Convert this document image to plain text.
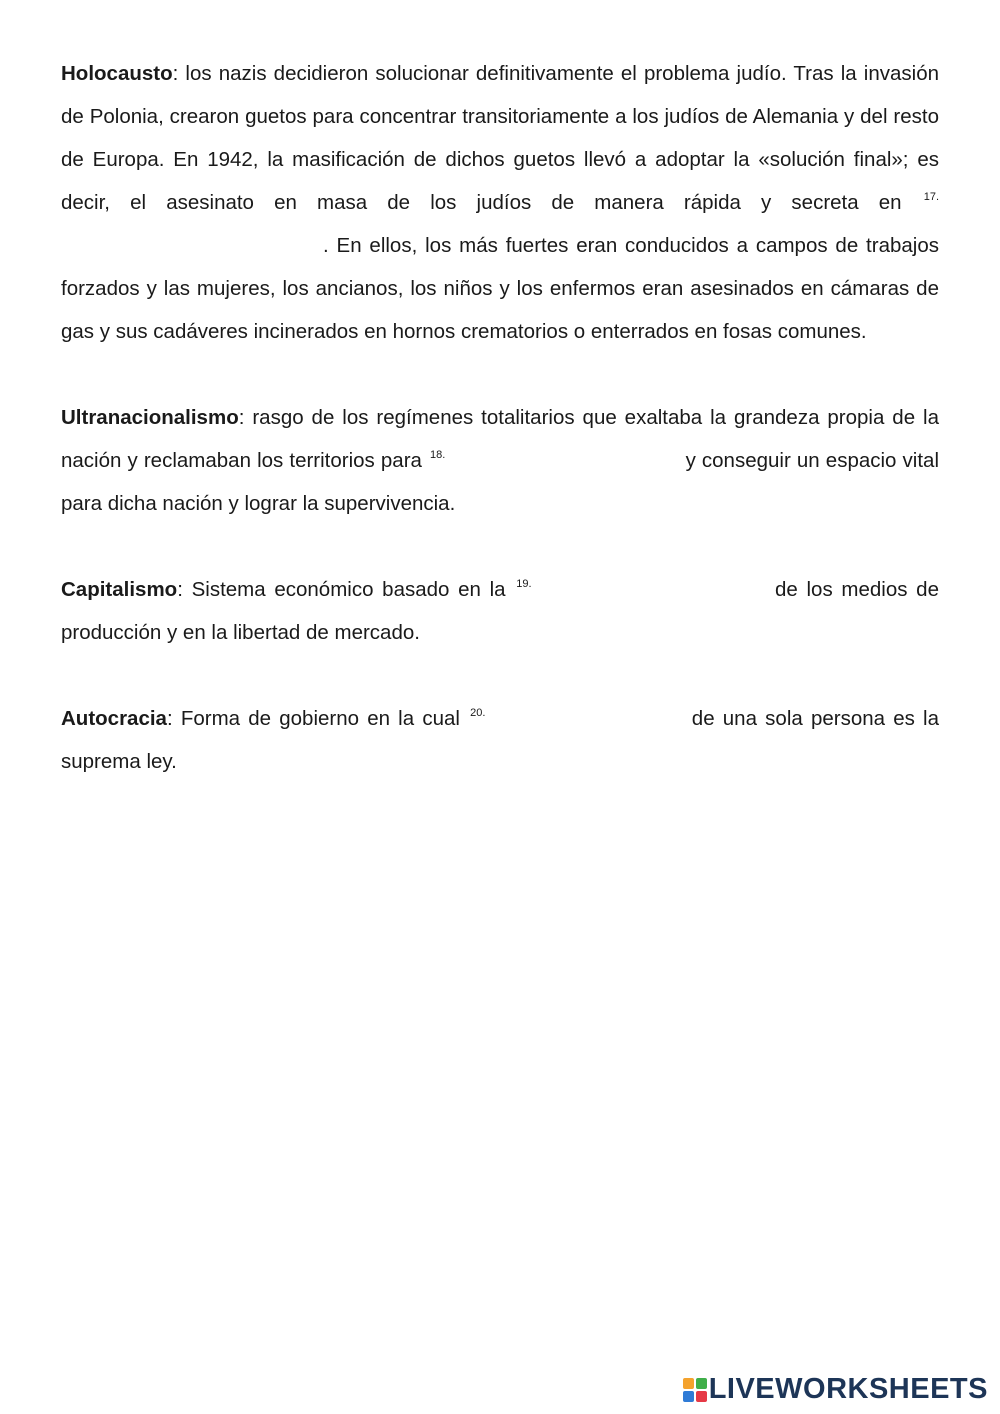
Holocausto: los nazis decidieron solucionar definitivamente el problema judío. Tras la invasión de Polonia, crearon guetos para concentrar transitoriamente a los judíos de Alemania y del resto de Europa. En 1942, la masificación de dichos guetos llevó a adoptar la «solución final»; es decir, el asesinato en masa de los judíos de manera rápida y secreta en $^{17.}$ . En ellos, los más fuertes eran conducidos a campos de trabajos forzados y las mujeres, los ancianos, los niños y los enfermos eran asesinados en cámaras de gas y sus cadáveres incinerados en hornos crematorios o enterrados en fosas comunes.

Ultranacionalismo: rasgo de los regímenes totalitarios que exaltaba la grandeza propia de la nación y reclamaban los territorios para $^{18.}$	y conseguir un espacio vital para dicha nación y lograr la supervivencia.

Capitalismo: Sistema económico basado en la $^{19.}$	de los medios de producción y en la libertad de mercado.

Autocracia: Forma de gobierno en la cual $^{20.}$	de una sola persona es la suprema ley.

LIVEWORKSHEETS
